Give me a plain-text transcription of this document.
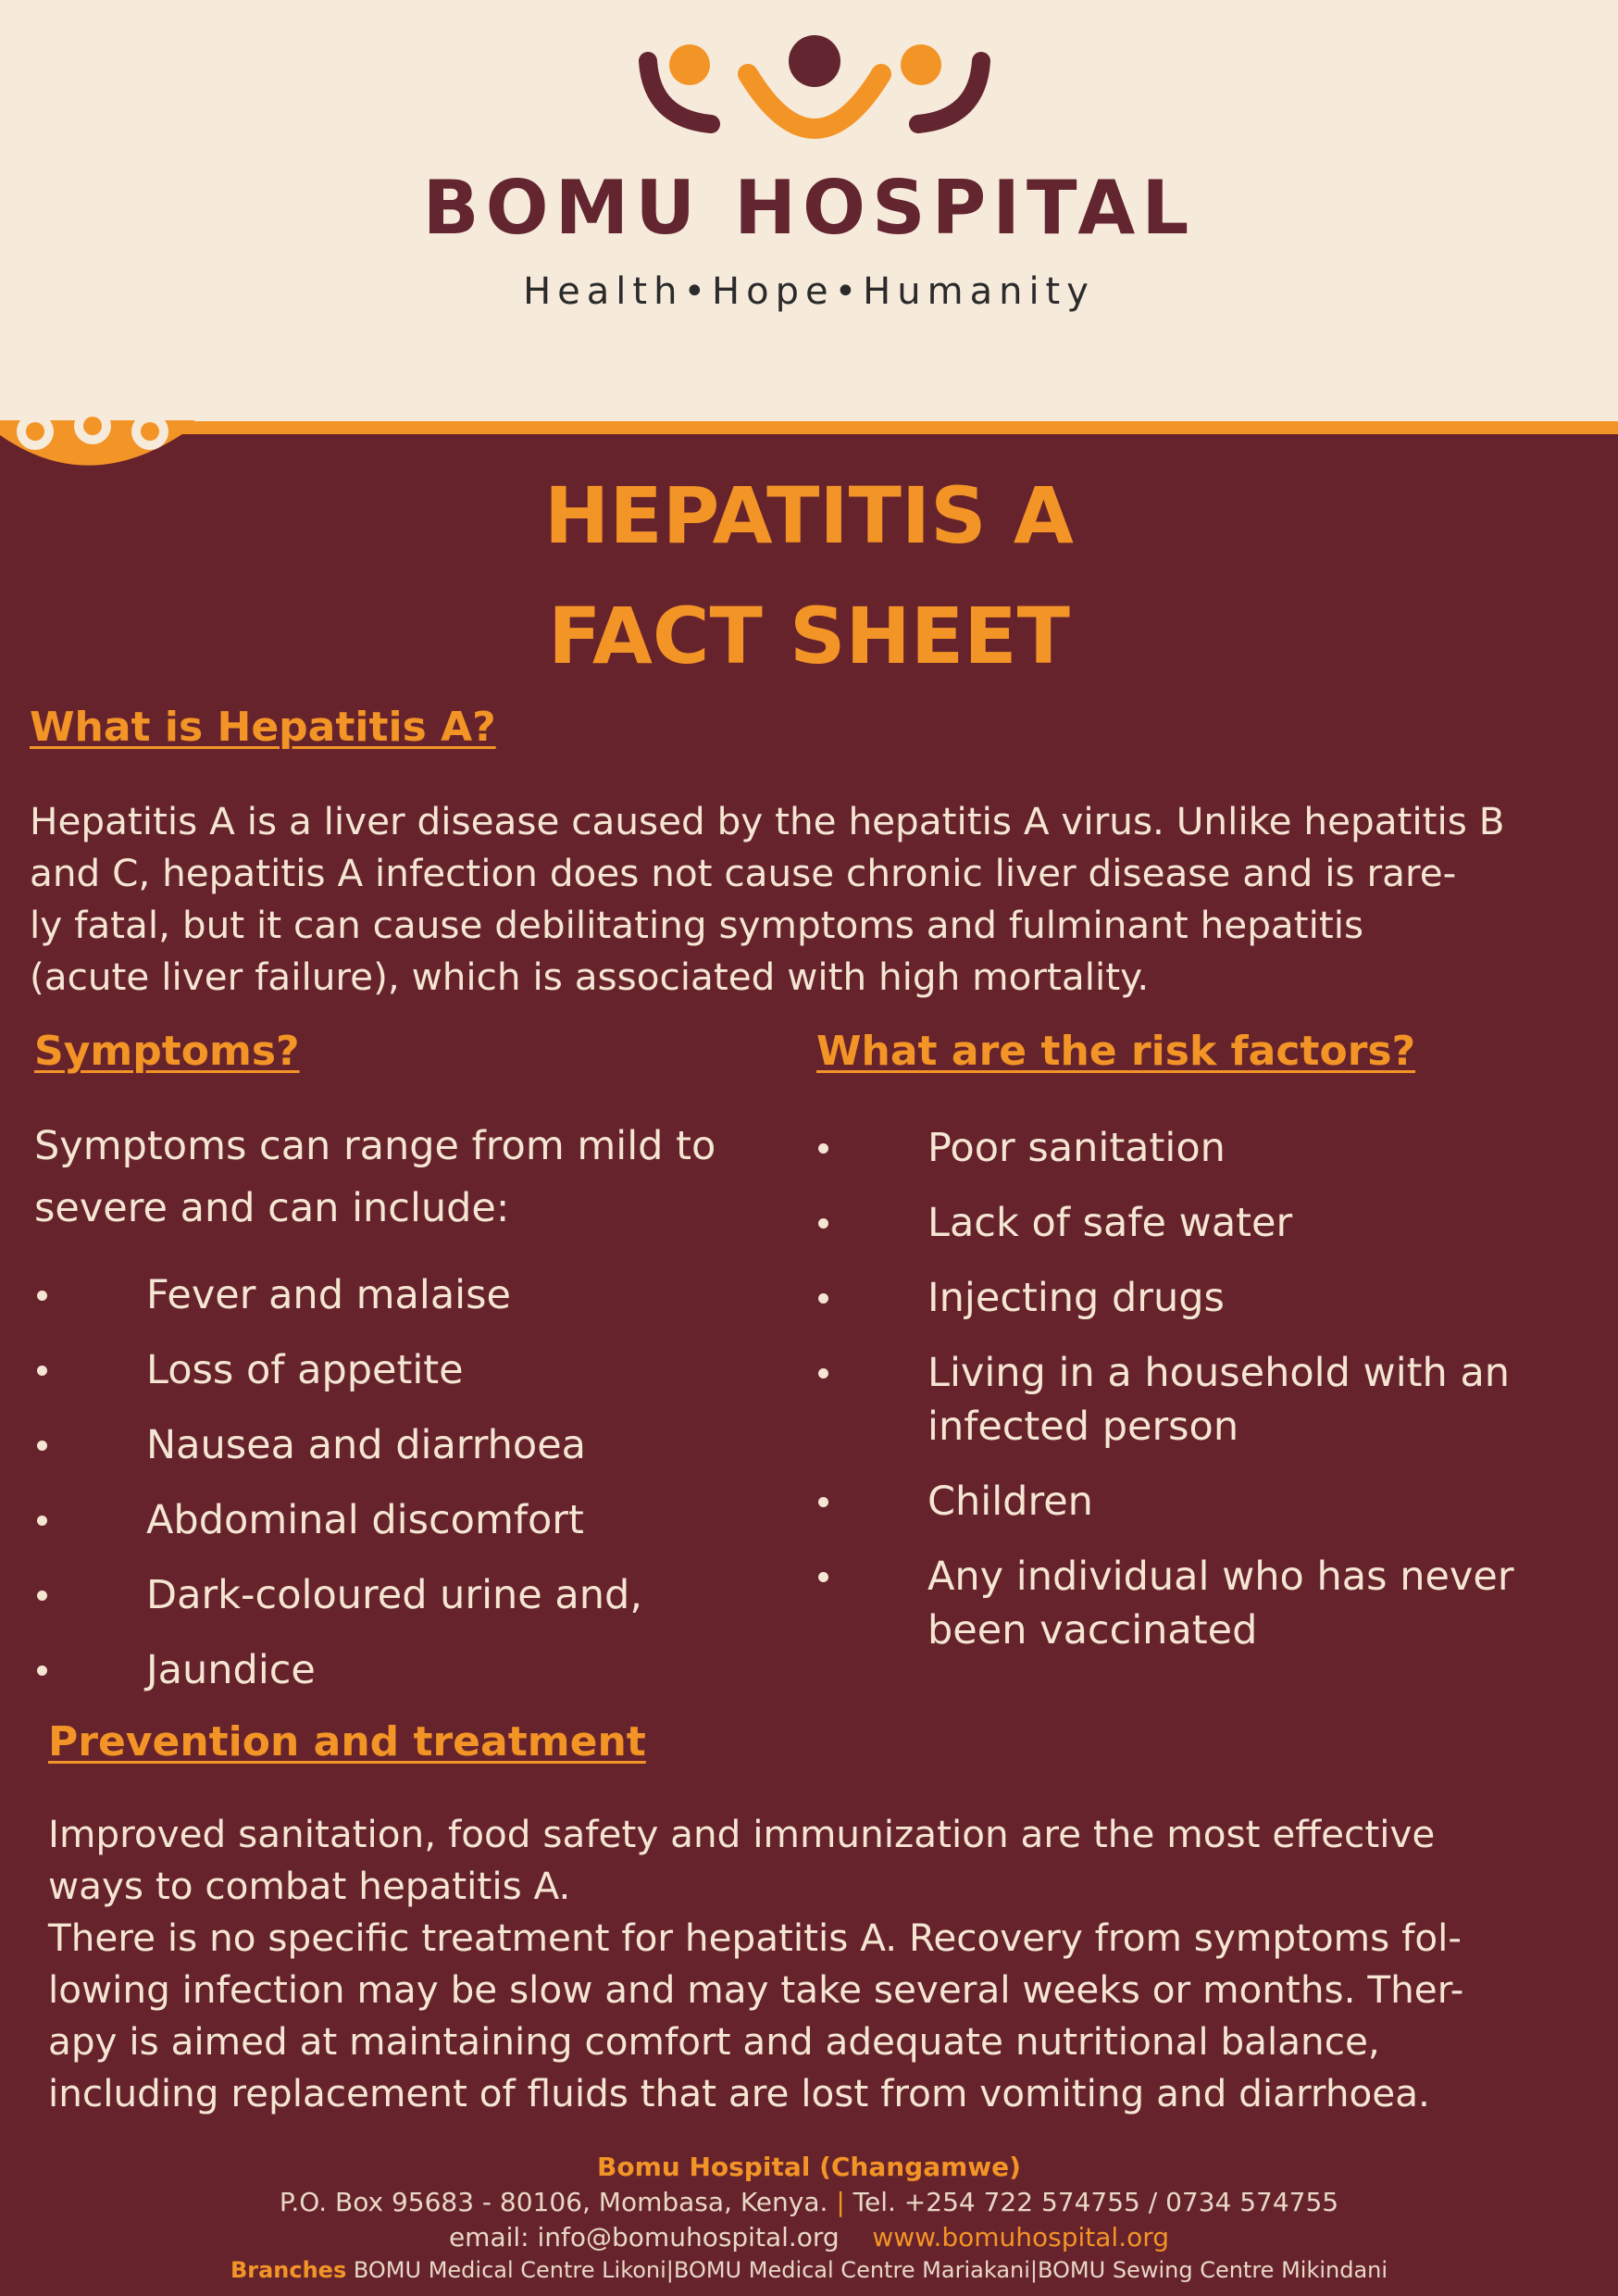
BOMU HOSPITAL
Health•Hope•Humanity
HEPATITIS A
FACT SHEET
What is Hepatitis A?
Hepatitis A is a liver disease caused by the hepatitis A virus. Unlike hepatitis B
and C, hepatitis A infection does not cause chronic liver disease and is rare-
ly fatal, but it can cause debilitating symptoms and fulminant hepatitis
(acute liver failure), which is associated with high mortality.
Symptoms?
Symptoms can range from mild to
severe and can include:
Fever and malaise
Loss of appetite
Nausea and diarrhoea
Abdominal discomfort
Dark-coloured urine and,
Jaundice
What are the risk factors?
Poor sanitation
Lack of safe water
Injecting drugs
Living in a household with an
infected person
Children
Any individual who has never
been vaccinated
Prevention and treatment
Improved sanitation, food safety and immunization are the most effective
ways to combat hepatitis A.
There is no specific treatment for hepatitis A. Recovery from symptoms fol-
lowing infection may be slow and may take several weeks or months. Ther-
apy is aimed at maintaining comfort and adequate nutritional balance,
including replacement of fluids that are lost from vomiting and diarrhoea.
Bomu Hospital (Changamwe)
P.O. Box 95683 - 80106, Mombasa, Kenya. | Tel. +254 722 574755 / 0734 574755
email: info@bomuhospital.org www.bomuhospital.org
Branches BOMU Medical Centre Likoni|BOMU Medical Centre Mariakani|BOMU Sewing Centre Mikindani
